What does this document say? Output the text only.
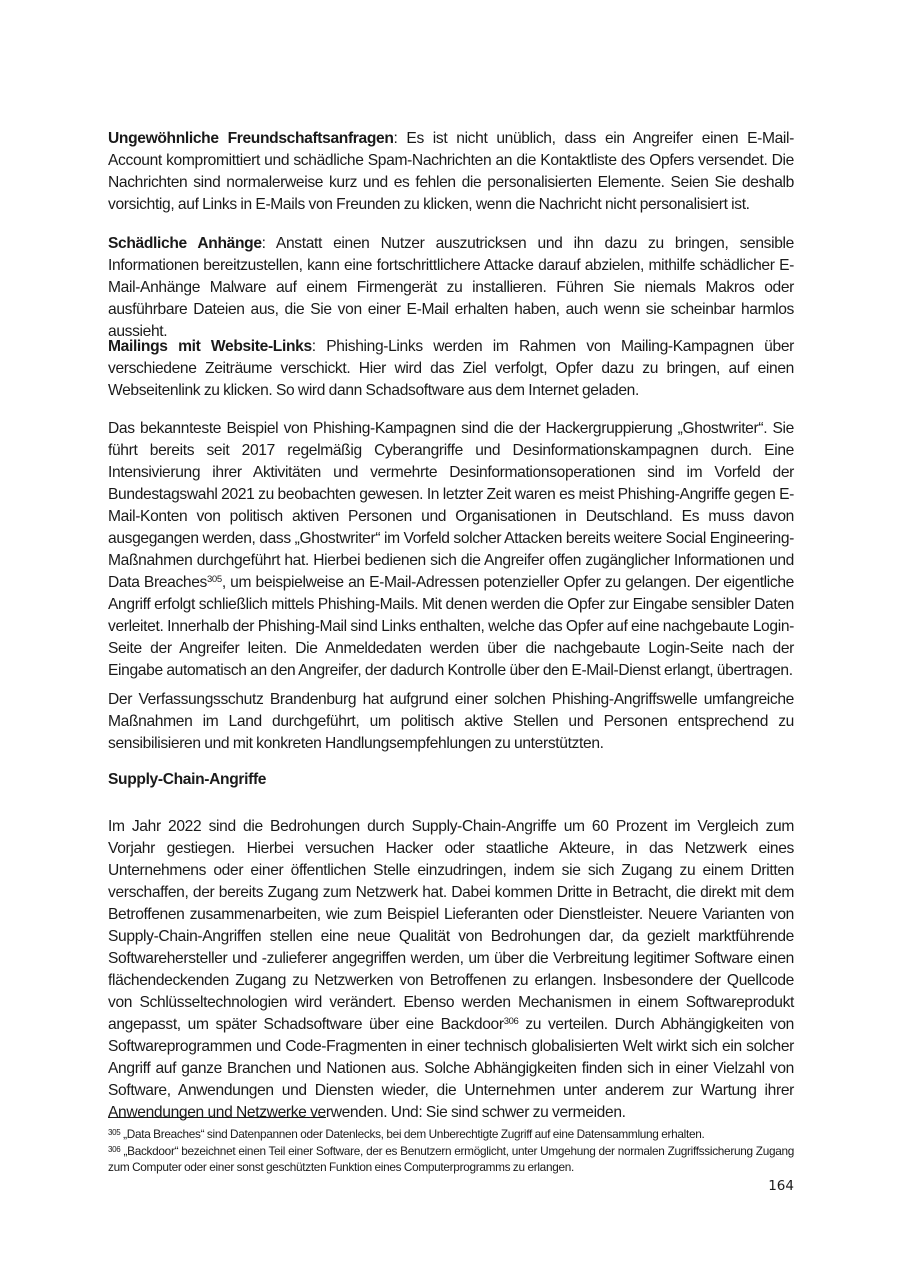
Ungewöhnliche Freundschaftsanfragen: Es ist nicht unüblich, dass ein Angreifer einen E-Mail-Account kompromittiert und schädliche Spam-Nachrichten an die Kontaktliste des Opfers versendet. Die Nachrichten sind normalerweise kurz und es fehlen die personalisierten Elemente. Seien Sie deshalb vorsichtig, auf Links in E-Mails von Freunden zu klicken, wenn die Nachricht nicht personalisiert ist.

Schädliche Anhänge: Anstatt einen Nutzer auszutricksen und ihn dazu zu bringen, sensible Informationen bereitzustellen, kann eine fortschrittlichere Attacke darauf abzielen, mithilfe schädlicher E-Mail-Anhänge Malware auf einem Firmengerät zu installieren. Führen Sie niemals Makros oder ausführbare Dateien aus, die Sie von einer E-Mail erhalten haben, auch wenn sie scheinbar harmlos aussieht.

Mailings mit Website-Links: Phishing-Links werden im Rahmen von Mailing-Kampagnen über verschiedene Zeiträume verschickt. Hier wird das Ziel verfolgt, Opfer dazu zu bringen, auf einen Webseitenlink zu klicken. So wird dann Schadsoftware aus dem Internet geladen.

Das bekannteste Beispiel von Phishing-Kampagnen sind die der Hackergruppierung „Ghostwriter“. Sie führt bereits seit 2017 regelmäßig Cyberangriffe und Desinformationskampagnen durch. Eine Intensivierung ihrer Aktivitäten und vermehrte Desinformationsoperationen sind im Vorfeld der Bundestagswahl 2021 zu beobachten gewesen. In letzter Zeit waren es meist Phishing-Angriffe gegen E-Mail-Konten von politisch aktiven Personen und Organisationen in Deutschland. Es muss davon ausgegangen werden, dass „Ghostwriter“ im Vorfeld solcher Attacken bereits weitere Social Engineering-Maßnahmen durchgeführt hat. Hierbei bedienen sich die Angreifer offen zugänglicher Informationen und Data Breaches$^{305}$, um beispielweise an E-Mail-Adressen potenzieller Opfer zu gelangen. Der eigentliche Angriff erfolgt schließlich mittels Phishing-Mails. Mit denen werden die Opfer zur Eingabe sensibler Daten verleitet. Innerhalb der Phishing-Mail sind Links enthalten, welche das Opfer auf eine nachgebaute Login-Seite der Angreifer leiten. Die Anmeldedaten werden über die nachgebaute Login-Seite nach der Eingabe automatisch an den Angreifer, der dadurch Kontrolle über den E-Mail-Dienst erlangt, übertragen.

Der Verfassungsschutz Brandenburg hat aufgrund einer solchen Phishing-Angriffswelle umfangreiche Maßnahmen im Land durchgeführt, um politisch aktive Stellen und Personen entsprechend zu sensibilisieren und mit konkreten Handlungsempfehlungen zu unterstützten.

Supply-Chain-Angriffe

Im Jahr 2022 sind die Bedrohungen durch Supply-Chain-Angriffe um 60 Prozent im Vergleich zum Vorjahr gestiegen. Hierbei versuchen Hacker oder staatliche Akteure, in das Netzwerk eines Unternehmens oder einer öffentlichen Stelle einzudringen, indem sie sich Zugang zu einem Dritten verschaffen, der bereits Zugang zum Netzwerk hat. Dabei kommen Dritte in Betracht, die direkt mit dem Betroffenen zusammenarbeiten, wie zum Beispiel Lieferanten oder Dienstleister. Neuere Varianten von Supply-Chain-Angriffen stellen eine neue Qualität von Bedrohungen dar, da gezielt marktführende Softwarehersteller und -zulieferer angegriffen werden, um über die Verbreitung legitimer Software einen flächendeckenden Zugang zu Netzwerken von Betroffenen zu erlangen. Insbesondere der Quellcode von Schlüsseltechnologien wird verändert. Ebenso werden Mechanismen in einem Softwareprodukt angepasst, um später Schadsoftware über eine Backdoor$^{306}$ zu verteilen. Durch Abhängigkeiten von Softwareprogrammen und Code-Fragmenten in einer technisch globalisierten Welt wirkt sich ein solcher Angriff auf ganze Branchen und Nationen aus. Solche Abhängigkeiten finden sich in einer Vielzahl von Software, Anwendungen und Diensten wieder, die Unternehmen unter anderem zur Wartung ihrer Anwendungen und Netzwerke verwenden. Und: Sie sind schwer zu vermeiden.

$^{305}$ „Data Breaches“ sind Datenpannen oder Datenlecks, bei dem Unberechtigte Zugriff auf eine Datensammlung erhalten.

$^{306}$ „Backdoor“ bezeichnet einen Teil einer Software, der es Benutzern ermöglicht, unter Umgehung der normalen Zugriffssicherung Zugang zum Computer oder einer sonst geschützten Funktion eines Computerprogramms zu erlangen.

164
